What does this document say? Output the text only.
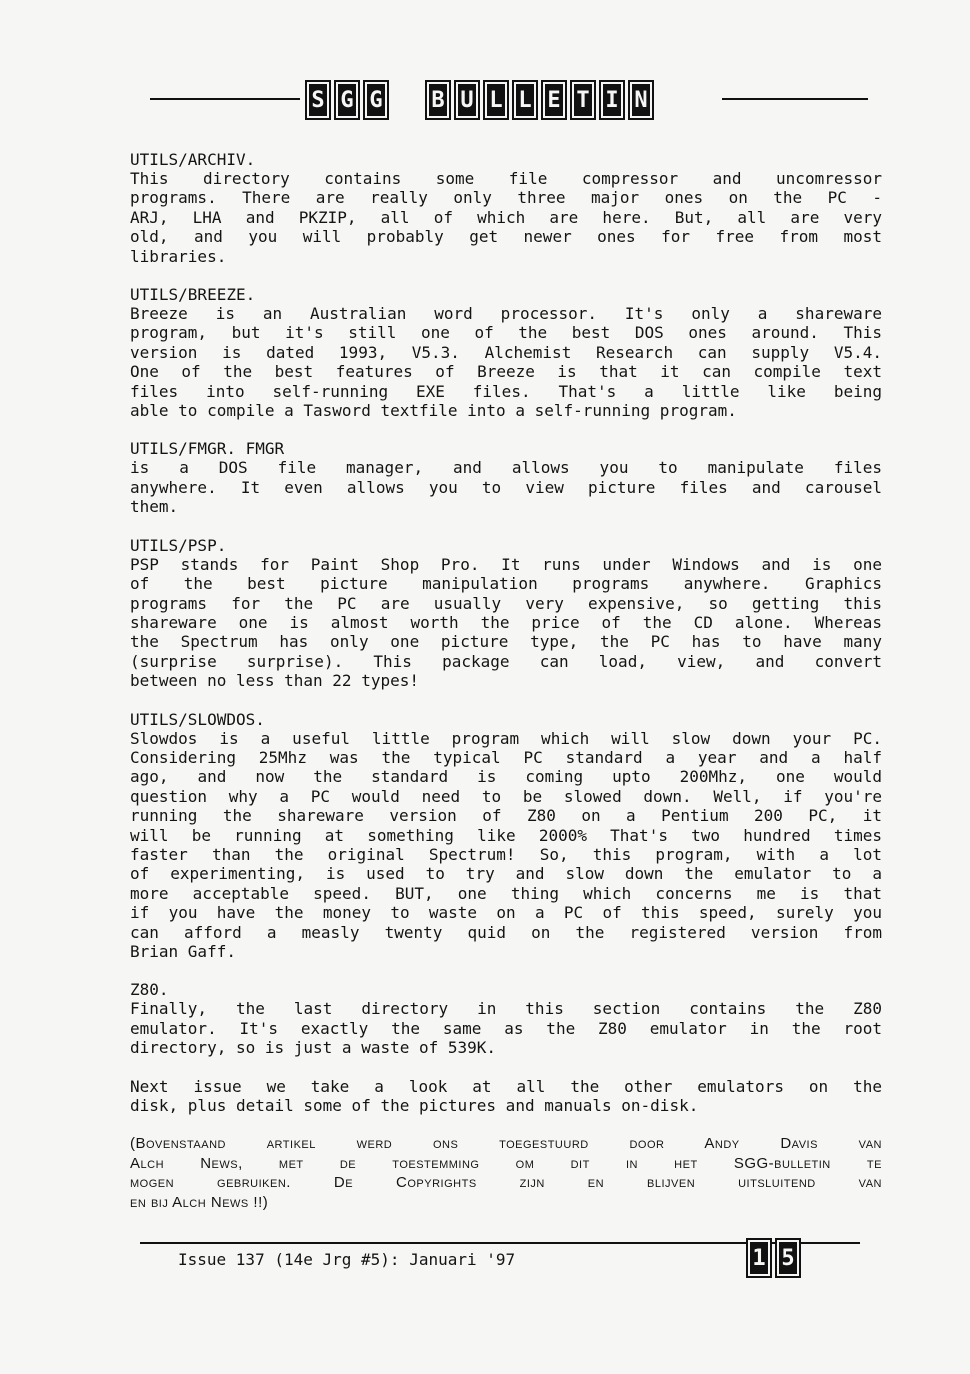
S G G B U L L E T I N

UTILS/ARCHIV.

This directory contains some file compressor and uncomressor

programs. There are really only three major ones on the PC -

ARJ, LHA and PKZIP, all of which are here. But, all are very

old, and you will probably get newer ones for free from most

libraries.

UTILS/BREEZE.

Breeze is an Australian word processor. It's only a shareware

program, but it's still one of the best DOS ones around. This

version is dated 1993, V5.3. Alchemist Research can supply V5.4.

One of the best features of Breeze is that it can compile text

files into self-running EXE files. That's a little like being

able to compile a Tasword textfile into a self-running program.

UTILS/FMGR. FMGR

is a DOS file manager, and allows you to manipulate files

anywhere. It even allows you to view picture files and carousel

them.

UTILS/PSP.

PSP stands for Paint Shop Pro. It runs under Windows and is one

of the best picture manipulation programs anywhere. Graphics

programs for the PC are usually very expensive, so getting this

shareware one is almost worth the price of the CD alone. Whereas

the Spectrum has only one picture type, the PC has to have many

(surprise surprise). This package can load, view, and convert

between no less than 22 types!

UTILS/SLOWDOS.

Slowdos is a useful little program which will slow down your PC.

Considering 25Mhz was the typical PC standard a year and a half

ago, and now the standard is coming upto 200Mhz, one would

question why a PC would need to be slowed down. Well, if you're

running the shareware version of Z80 on a Pentium 200 PC, it

will be running at something like 2000% That's two hundred times

faster than the original Spectrum! So, this program, with a lot

of experimenting, is used to try and slow down the emulator to a

more acceptable speed. BUT, one thing which concerns me is that

if you have the money to waste on a PC of this speed, surely you

can afford a measly twenty quid on the registered version from

Brian Gaff.

Z80.

Finally, the last directory in this section contains the Z80

emulator. It's exactly the same as the Z80 emulator in the root

directory, so is just a waste of 539K.

Next issue we take a look at all the other emulators on the

disk, plus detail some of the pictures and manuals on-disk.

(Bovenstaand artikel werd ons toegestuurd door Andy Davis van

Alch News, met de toestemming om dit in het SGG-bulletin te

mogen gebruiken. De Copyrights zijn en blijven uitsluitend van

en bij Alch News !!)

Issue 137 (14e Jrg #5): Januari '97	1 5
